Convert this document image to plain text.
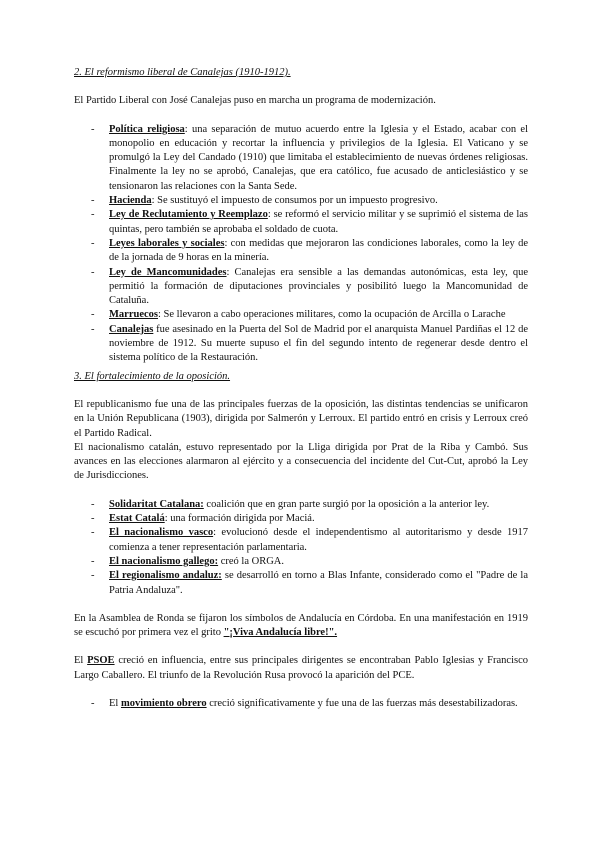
2. El reformismo liberal de Canalejas (1910-1912).

El Partido Liberal con José Canalejas puso en marcha un programa de modernización.

- Política religiosa: una separación de mutuo acuerdo entre la Iglesia y el Estado, acabar con el monopolio en educación y recortar la influencia y privilegios de la Iglesia. El Vaticano y se promulgó la Ley del Candado (1910) que limitaba el establecimiento de nuevas órdenes religiosas. Finalmente la ley no se aprobó, Canalejas, que era católico, fue acusado de anticlesiástico y se tensionaron las relaciones con la Santa Sede.
- Hacienda: Se sustituyó el impuesto de consumos por un impuesto progresivo.
- Ley de Reclutamiento y Reemplazo: se reformó el servicio militar y se suprimió el sistema de las quintas, pero también se aprobaba el soldado de cuota.
- Leyes laborales y sociales: con medidas que mejoraron las condiciones laborales, como la ley de de la jornada de 9 horas en la minería.
- Ley de Mancomunidades: Canalejas era sensible a las demandas autonómicas, esta ley, que permitió la formación de diputaciones provinciales y posibilitó luego la Mancomunidad de Cataluña.
- Marruecos: Se llevaron a cabo operaciones militares, como la ocupación de Arcilla o Larache
- Canalejas fue asesinado en la Puerta del Sol de Madrid por el anarquista Manuel Pardiñas el 12 de noviembre de 1912. Su muerte supuso el fin del segundo intento de regenerar desde dentro el sistema político de la Restauración.

3. El fortalecimiento de la oposición.

El republicanismo fue una de las principales fuerzas de la oposición, las distintas tendencias se unificaron en la Unión Republicana (1903), dirigida por Salmerón y Lerroux. El partido entró en crisis y Lerroux creó el Partido Radical.

El nacionalismo catalán, estuvo representado por la Lliga dirigida por Prat de la Riba y Cambó. Sus avances en las elecciones alarmaron al ejército y a consecuencia del incidente del Cut-Cut, aprobó la Ley de Jurisdicciones.

- Solidaritat Catalana: coalición que en gran parte surgió por la oposición a la anterior ley.
- Estat Catalá: una formación dirigida por Maciá.
- El nacionalismo vasco: evolucionó desde el independentismo al autoritarismo y desde 1917 comienza a tener representación parlamentaria.
- El nacionalismo gallego: creó la ORGA.
- El regionalismo andaluz: se desarrolló en torno a Blas Infante, considerado como el "Padre de la Patria Andaluza".

En la Asamblea de Ronda se fijaron los símbolos de Andalucía en Córdoba. En una manifestación en 1919 se escuchó por primera vez el grito "¡Viva Andalucía libre!".

El PSOE creció en influencia, entre sus principales dirigentes se encontraban Pablo Iglesias y Francisco Largo Caballero. El triunfo de la Revolución Rusa provocó la aparición del PCE.

- El movimiento obrero creció significativamente y fue una de las fuerzas más desestabilizadoras.
